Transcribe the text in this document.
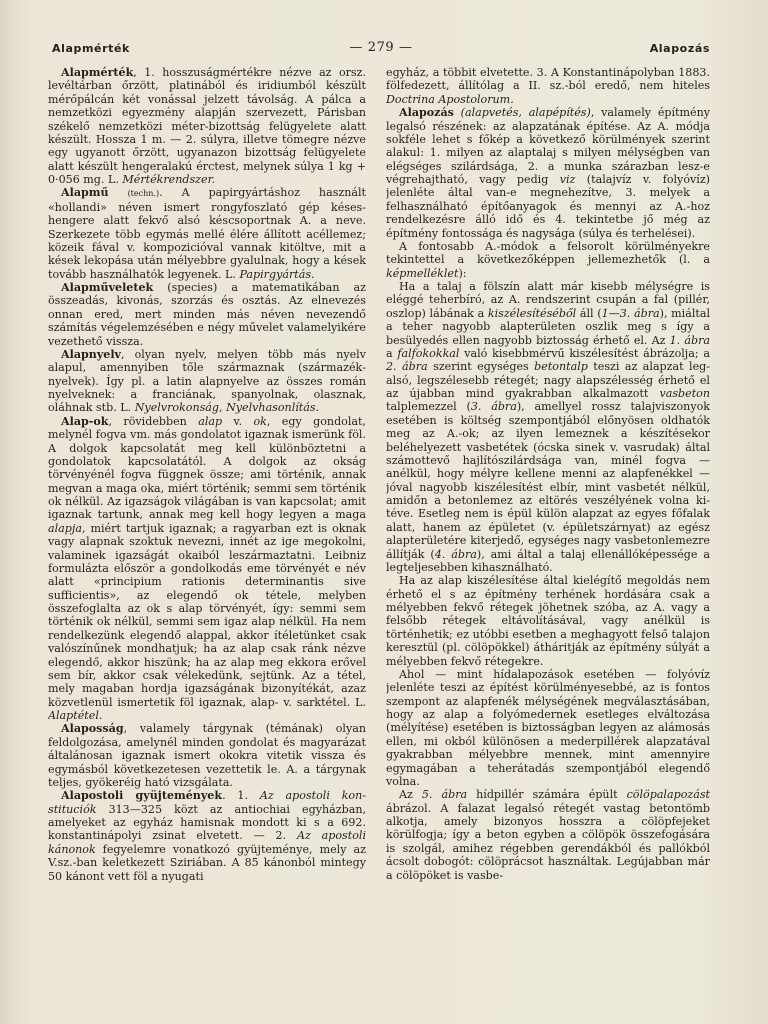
Alapmérték	— 279 —	Alapozás

Alapmérték, 1. hosszuságmértékre nézve az orsz. levéltárban őrzött, platinából és iridiumból készült mérőpálcán két vonással jelzett távolság. A pálca a nemzetközi egyezmény alapján szervezett, Párisban székelő nemzetközi méter-bizottság felügyelete alatt készült. Hossza 1 m. — 2. súlyra, illetve tömegre nézve egy ugyanott őrzött, ugyanazon bizottság felügyelete alatt készült hengeralakú érctest, melynek súlya 1 kg + 0·056 mg. L. Mértékrendszer.

Alapmű (techn.). A papirgyártáshoz használt «hollandi» néven ismert rongyfoszlató gép késeshengere alatt fekvő alsó késcsoportnak A. a neve. Szerkezete több egymás mellé élére állított acéllemez; közeik fával v. kompozicióval vannak kitöltve, mit a kések lekopása után mélyebbre gyalulnak, hogy a kések tovább használhatók legyenek. L. Papirgyártás.

Alapműveletek (species) a matematikában az összeadás, kivonás, szorzás és osztás. Az elnevezés onnan ered, mert minden más néven nevezendő számítás végelemzésében e négy művelet valamelyikére vezethető vissza.

Alapnyelv, olyan nyelv, melyen több más nyelv alapul, amennyiben tőle származnak (származéknyelvek). Így pl. a latin alapnyelve az összes román nyelveknek: a franciának, spanyolnak, olasznak, oláhnak stb. L. Nyelvrokonság, Nyelvhasonlítás.

Alap-ok, rövidebben alap v. ok, egy gondolat, melynél fogva vm. más gondolatot igaznak ismerünk föl. A dolgok kapcsolatát meg kell különböztetni a gondolatok kapcsolatától. A dolgok az okság törvényénél fogva függnek össze; ami történik, annak megvan a maga oka, miért történik; semmi sem történik ok nélkül. Az igazságok világában is van kapcsolat; amit igaznak tartunk, annak meg kell hogy legyen a maga alapja, miért tartjuk igaznak; a ragyarban ezt is oknak vagy alapnak szoktuk nevezni, innét az ige megokolni, valaminek igazságát okaiból leszármaztatni. Leibniz formulázta először a gondolkodás eme törvényét e név alatt «principium rationis determinantis sive sufficientis», az elegendő ok tétele, melyben összefoglalta az ok s alap törvényét, így: semmi sem történik ok nélkül, semmi sem igaz alap nélkül. Ha nem rendelkezünk elegendő alappal, akkor ítéletünket csak valószínűnek mondhatjuk; ha az alap csak ránk nézve elegendő, akkor hiszünk; ha az alap meg ekkora erővel sem bír, akkor csak vélekedünk, sejtünk. Az a tétel, mely magaban hordja igazságának bizonyítékát, azaz közvetlenül ismertetik föl igaznak, alap- v. sarktétel. L. Alaptétel.

Alaposság, valamely tárgynak (témának) olyan feldolgozása, amelynél minden gondolat és magyarázat általánosan igaznak ismert okokra vitetik vissza és egymásból következetesen vezettetik le. A. a tárgynak teljes, gyökeréig ható vizsgálata.

Alapostoli gyüjtemények. 1. Az apostoli konstituciók 313—325 közt az antiochiai egyházban, amelyeket az egyház hamisnak mondott ki s a 692. konstantinápolyi zsinat elvetett. — 2. Az apostoli kánonok fegyelemre vonatkozó gyüjteménye, mely az V.sz.-ban keletkezett Sziriában. A 85 kánonból mintegy 50 kánont vett föl a nyugati

egyház, a többit elvetette. 3. A Konstantinápolyban 1883. fölfedezett, állítólag a II. sz.-ból eredő, nem hiteles Doctrina Apostolorum.

Alapozás (alapvetés, alapépítés), valamely építmény legalsó részének: az alapzatának építése. Az A. módja sokféle lehet s főkép a következő körülmények szerint alakul: 1. milyen az alaptalaj s milyen mélységben van elégséges szilárdsága, 2. a munka szárazban lesz-e végrehajtható, vagy pedig viz (talajvíz v. folyóvíz) jelenléte által van-e megnehezítve, 3. melyek a felhasználható építőanyagok és mennyi az A.-hoz rendelkezésre álló idő és 4. tekintetbe jő még az építmény fontossága és nagysága (súlya és terhelései).

A fontosabb A.-módok a felsorolt körülményekre tekintettel a következőképpen jellemezhetők (l. a képmelléklet):

Ha a talaj a fölszín alatt már kisebb mélységre is eléggé teherbíró, az A. rendszerint csupán a fal (pillér, oszlop) lábának a kiszélesítéséből áll (1—3. ábra), miáltal a teher nagyobb alapterületen oszlik meg s így a besülyedés ellen nagyobb biztosság érhető el. Az 1. ábra a falfokokkal való kisebbmérvű kiszélesítést ábrázolja; a 2. ábra szerint egységes betontalp teszi az alapzat legalsó, legszélesebb rétegét; nagy alapszélesség érhető el az újabban mind gyakrabban alkalmazott vasbeton talplemezzel (3. ábra), amellyel rossz talajviszonyok esetében is költség szempontjából előnyösen oldhatók meg az A.-ok; az ilyen lemeznek a készítésekor beléhelyezett vasbetétek (ócska sinek v. vasrudak) által számottevő hajlítószilárdsága van, minél fogva — anélkül, hogy mélyre kellene menni az alapfenékkel — jóval nagyobb kiszélesítést elbír, mint vasbetét nélkül, amidőn a betonlemez az eltörés veszélyének volna kitéve. Esetleg nem is épül külön alapzat az egyes főfalak alatt, hanem az épületet (v. épületszárnyat) az egész alapterületére kiterjedő, egységes nagy vasbetonlemezre állítják (4. ábra), ami által a talaj ellenállóképessége a legteljesebben kihasználható.

Ha az alap kiszélesítése által kielégítő megoldás nem érhető el s az építmény terhének hordására csak a mélyebben fekvő rétegek jöhetnek szóba, az A. vagy a felsőbb rétegek eltávolításával, vagy anélkül is történhetik; ez utóbbi esetben a meghagyott felső talajon keresztül (pl. cölöpökkel) átháritják az építmény súlyát a mélyebben fekvő rétegekre.

Ahol — mint hídalapozások esetében — folyóvíz jelenléte teszi az építést körülményesebbé, az is fontos szempont az alapfenék mélységének megválasztásában, hogy az alap a folyómedernek esetleges elváltozása (mélyítése) esetében is biztosságban legyen az alámosás ellen, mi okból különösen a mederpillérek alapzatával gyakrabban mélyebbre mennek, mint amennyire egymagában a teherátadás szempontjából elegendő volna.

Az 5. ábra hídpillér számára épült cölöpalapozást ábrázol. A falazat legalsó rétegét vastag betontömb alkotja, amely bizonyos hosszra a cölöpfejeket körülfogja; így a beton egyben a cölöpök összefogására is szolgál, amihez régebben gerendákból és pallókból ácsolt dobogót: cölöprácsot használtak. Legújabban már a cölöpöket is vasbe-
